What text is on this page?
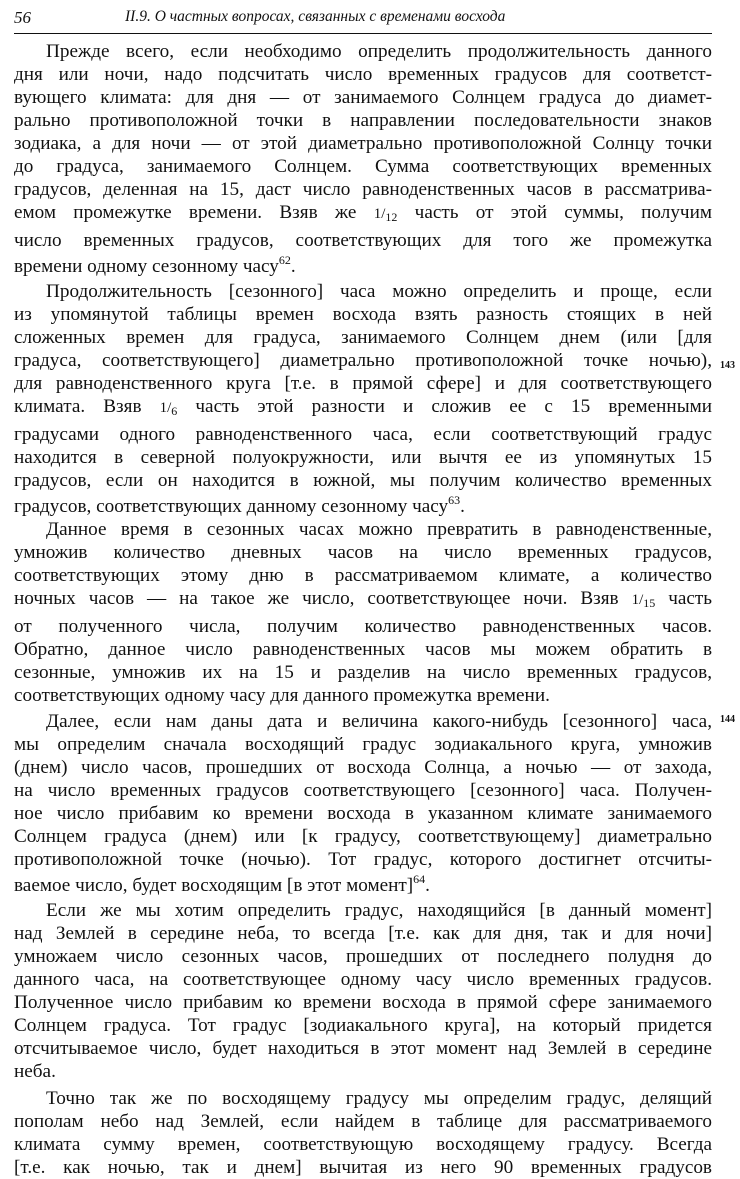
56	II.9. О частных вопросах, связанных с временами восхода
Прежде всего, если необходимо определить продолжительность данного
дня или ночи, надо подсчитать число временных градусов для соответст-
вующего климата: для дня — от занимаемого Солнцем градуса до диамет-
рально противоположной точки в направлении последовательности знаков
зодиака, а для ночи — от этой диаметрально противоположной Солнцу точки
до градуса, занимаемого Солнцем. Сумма соответствующих временных
градусов, деленная на 15, даст число равноденственных часов в рассматрива-
емом промежутке времени. Взяв же $1/_{12}$ часть от этой суммы, получим
число временных градусов, соответствующих для того же промежутка
времени одному сезонному часу$^{62}$.
Продолжительность [сезонного] часа можно определить и проще, если
из упомянутой таблицы времен восхода взять разность стоящих в ней
сложенных времен для градуса, занимаемого Солнцем днем (или [для
градуса, соответствующего] диаметрально противоположной точке ночью),
для равноденственного круга [т.е. в прямой сфере] и для соответствующего
климата. Взяв $1/_6$ часть этой разности и сложив ее с 15 временными
градусами одного равноденственного часа, если соответствующий градус
находится в северной полуокружности, или вычтя ее из упомянутых 15
градусов, если он находится в южной, мы получим количество временных
градусов, соответствующих данному сезонному часу$^{63}$.
Данное время в сезонных часах можно превратить в равноденственные,
умножив количество дневных часов на число временных градусов,
соответствующих этому дню в рассматриваемом климате, а количество
ночных часов — на такое же число, соответствующее ночи. Взяв $1/_{15}$ часть
от полученного числа, получим количество равноденственных часов.
Обратно, данное число равноденственных часов мы можем обратить в
сезонные, умножив их на 15 и разделив на число временных градусов,
соответствующих одному часу для данного промежутка времени.
Далее, если нам даны дата и величина какого-нибудь [сезонного] часа,
мы определим сначала восходящий градус зодиакального круга, умножив
(днем) число часов, прошедших от восхода Солнца, а ночью — от захода,
на число временных градусов соответствующего [сезонного] часа. Получен-
ное число прибавим ко времени восхода в указанном климате занимаемого
Солнцем градуса (днем) или [к градусу, соответствующему] диаметрально
противоположной точке (ночью). Тот градус, которого достигнет отсчиты-
ваемое число, будет восходящим [в этот момент]$^{64}$.
Если же мы хотим определить градус, находящийся [в данный момент]
над Землей в середине неба, то всегда [т.е. как для дня, так и для ночи]
умножаем число сезонных часов, прошедших от последнего полудня до
данного часа, на соответствующее одному часу число временных градусов.
Полученное число прибавим ко времени восхода в прямой сфере занимаемого
Солнцем градуса. Тот градус [зодиакального круга], на который придется
отсчитываемое число, будет находиться в этот момент над Землей в середине
неба.
Точно так же по восходящему градусу мы определим градус, делящий
пополам небо над Землей, если найдем в таблице для рассматриваемого
климата сумму времен, соответствующую восходящему градусу. Всегда
[т.е. как ночью, так и днем] вычитая из него 90 временных градусов
143
144
